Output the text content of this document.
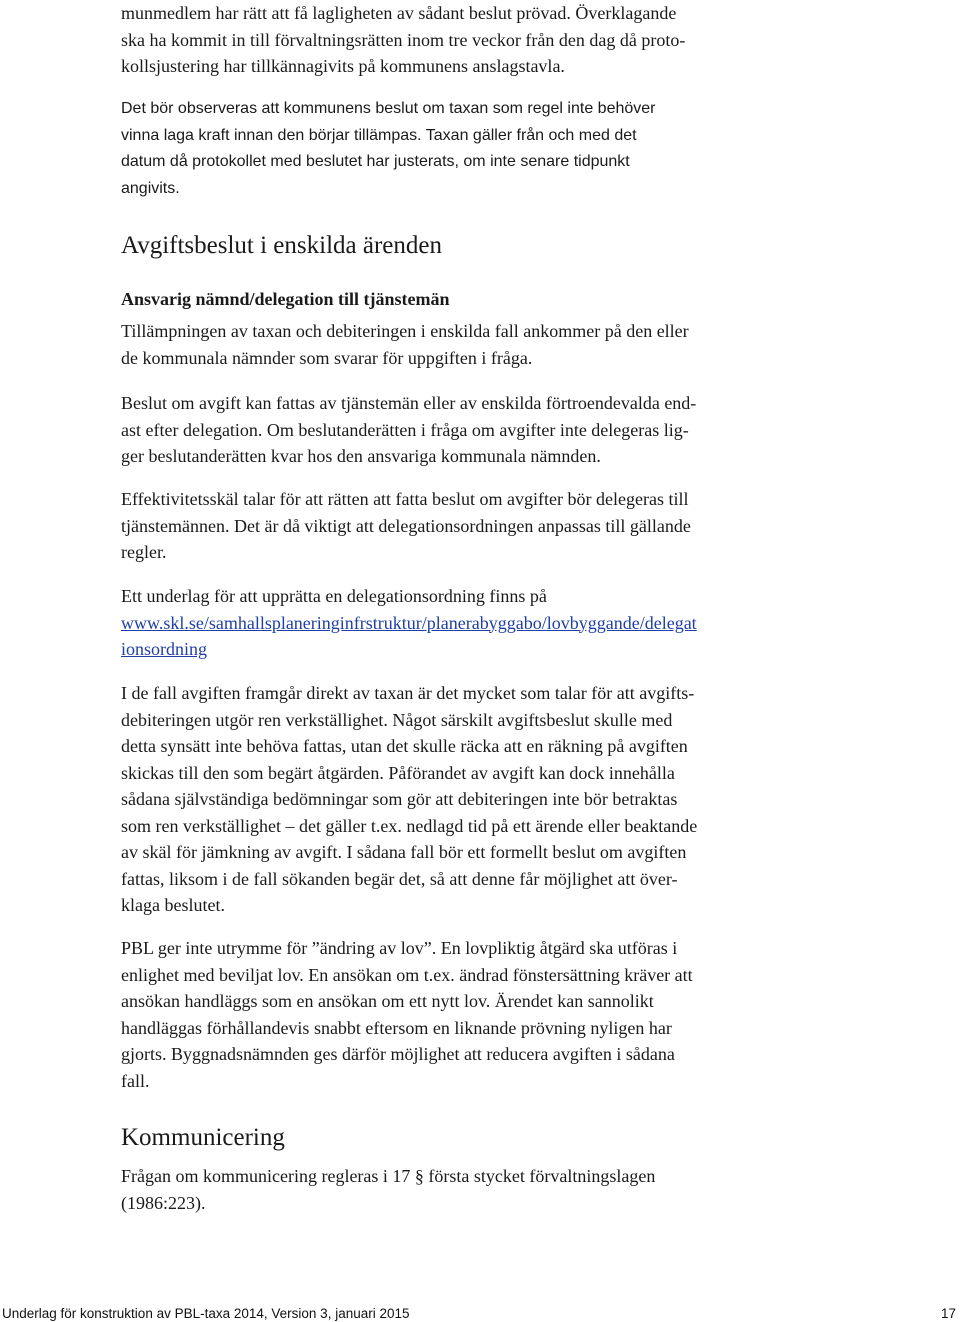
munmedlem har rätt att få lagligheten av sådant beslut prövad. Överklagande
ska ha kommit in till förvaltningsrätten inom tre veckor från den dag då proto-
kollsjustering har tillkännagivits på kommunens anslagstavla.

Det bör observeras att kommunens beslut om taxan som regel inte behöver
vinna laga kraft innan den börjar tillämpas. Taxan gäller från och med det
datum då protokollet med beslutet har justerats, om inte senare tidpunkt
angivits.

Avgiftsbeslut i enskilda ärenden
Ansvarig nämnd/delegation till tjänstemän

Tillämpningen av taxan och debiteringen i enskilda fall ankommer på den eller
de kommunala nämnder som svarar för uppgiften i fråga.

Beslut om avgift kan fattas av tjänstemän eller av enskilda förtroendevalda end-
ast efter delegation. Om beslutanderätten i fråga om avgifter inte delegeras lig-
ger beslutanderätten kvar hos den ansvariga kommunala nämnden.

Effektivitetsskäl talar för att rätten att fatta beslut om avgifter bör delegeras till
tjänstemännen. Det är då viktigt att delegationsordningen anpassas till gällande
regler.

Ett underlag för att upprätta en delegationsordning finns på
www.skl.se/samhallsplaneringinfrstruktur/planerabyggabo/lovbyggande/delegat
ionsordning

I de fall avgiften framgår direkt av taxan är det mycket som talar för att avgifts-
debiteringen utgör ren verkställighet. Något särskilt avgiftsbeslut skulle med
detta synsätt inte behöva fattas, utan det skulle räcka att en räkning på avgiften
skickas till den som begärt åtgärden. Påförandet av avgift kan dock innehålla
sådana självständiga bedömningar som gör att debiteringen inte bör betraktas
som ren verkställighet – det gäller t.ex. nedlagd tid på ett ärende eller beaktande
av skäl för jämkning av avgift. I sådana fall bör ett formellt beslut om avgiften
fattas, liksom i de fall sökanden begär det, så att denne får möjlighet att över-
klaga beslutet.

PBL ger inte utrymme för ”ändring av lov”. En lovpliktig åtgärd ska utföras i
enlighet med beviljat lov. En ansökan om t.ex. ändrad fönstersättning kräver att
ansökan handläggs som en ansökan om ett nytt lov. Ärendet kan sannolikt
handläggas förhållandevis snabbt eftersom en liknande prövning nyligen har
gjorts. Byggnadsnämnden ges därför möjlighet att reducera avgiften i sådana
fall.

Kommunicering

Frågan om kommunicering regleras i 17 § första stycket förvaltningslagen
(1986:223).

Underlag för konstruktion av PBL-taxa 2014, Version 3, januari 2015	17
